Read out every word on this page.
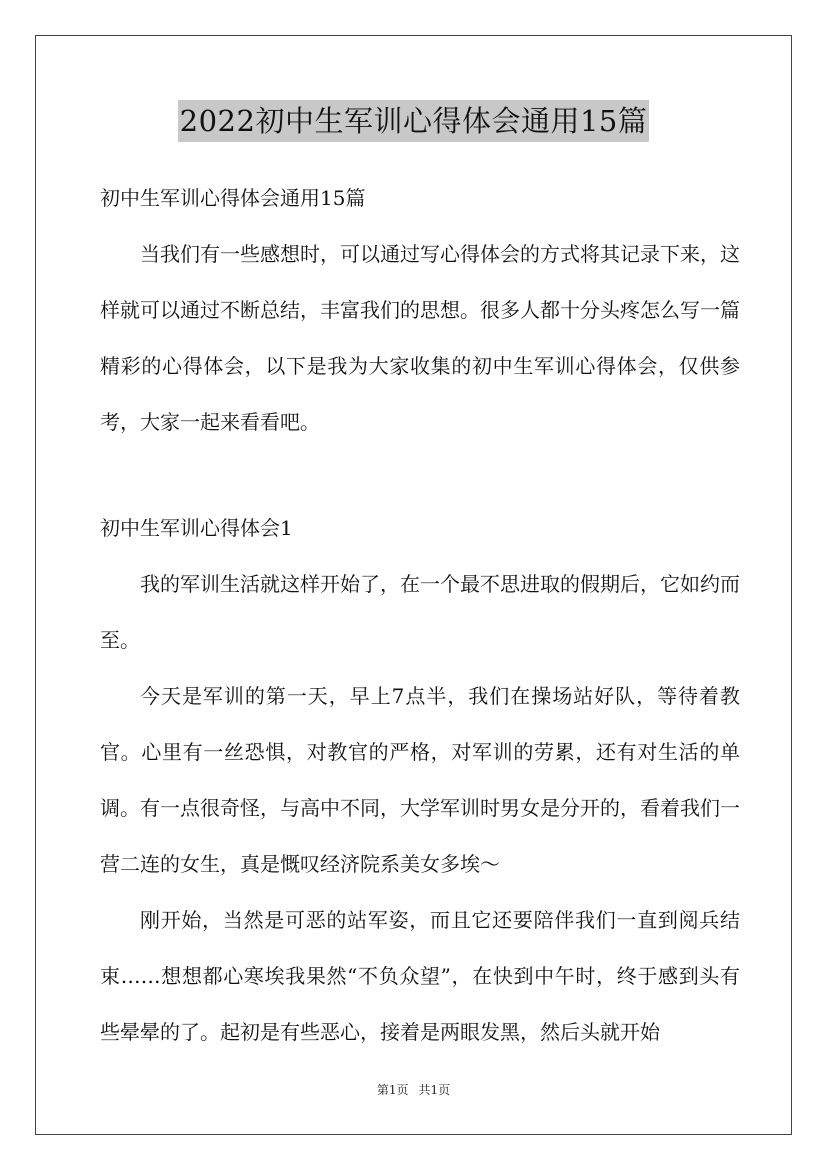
2022初中生军训心得体会通用15篇

初中生军训心得体会通用15篇

当我们有一些感想时，可以通过写心得体会的方式将其记录下来，这样就可以通过不断总结，丰富我们的思想。很多人都十分头疼怎么写一篇精彩的心得体会，以下是我为大家收集的初中生军训心得体会，仅供参考，大家一起来看看吧。

初中生军训心得体会1

我的军训生活就这样开始了，在一个最不思进取的假期后，它如约而至。

今天是军训的第一天，早上7点半，我们在操场站好队，等待着教官。心里有一丝恐惧，对教官的严格，对军训的劳累，还有对生活的单调。有一点很奇怪，与高中不同，大学军训时男女是分开的，看着我们一营二连的女生，真是慨叹经济院系美女多埃～

刚开始，当然是可恶的站军姿，而且它还要陪伴我们一直到阅兵结束……想想都心寒埃我果然“不负众望”，在快到中午时，终于感到头有些晕晕的了。起初是有些恶心，接着是两眼发黑，然后头就开始

第1页 共1页
